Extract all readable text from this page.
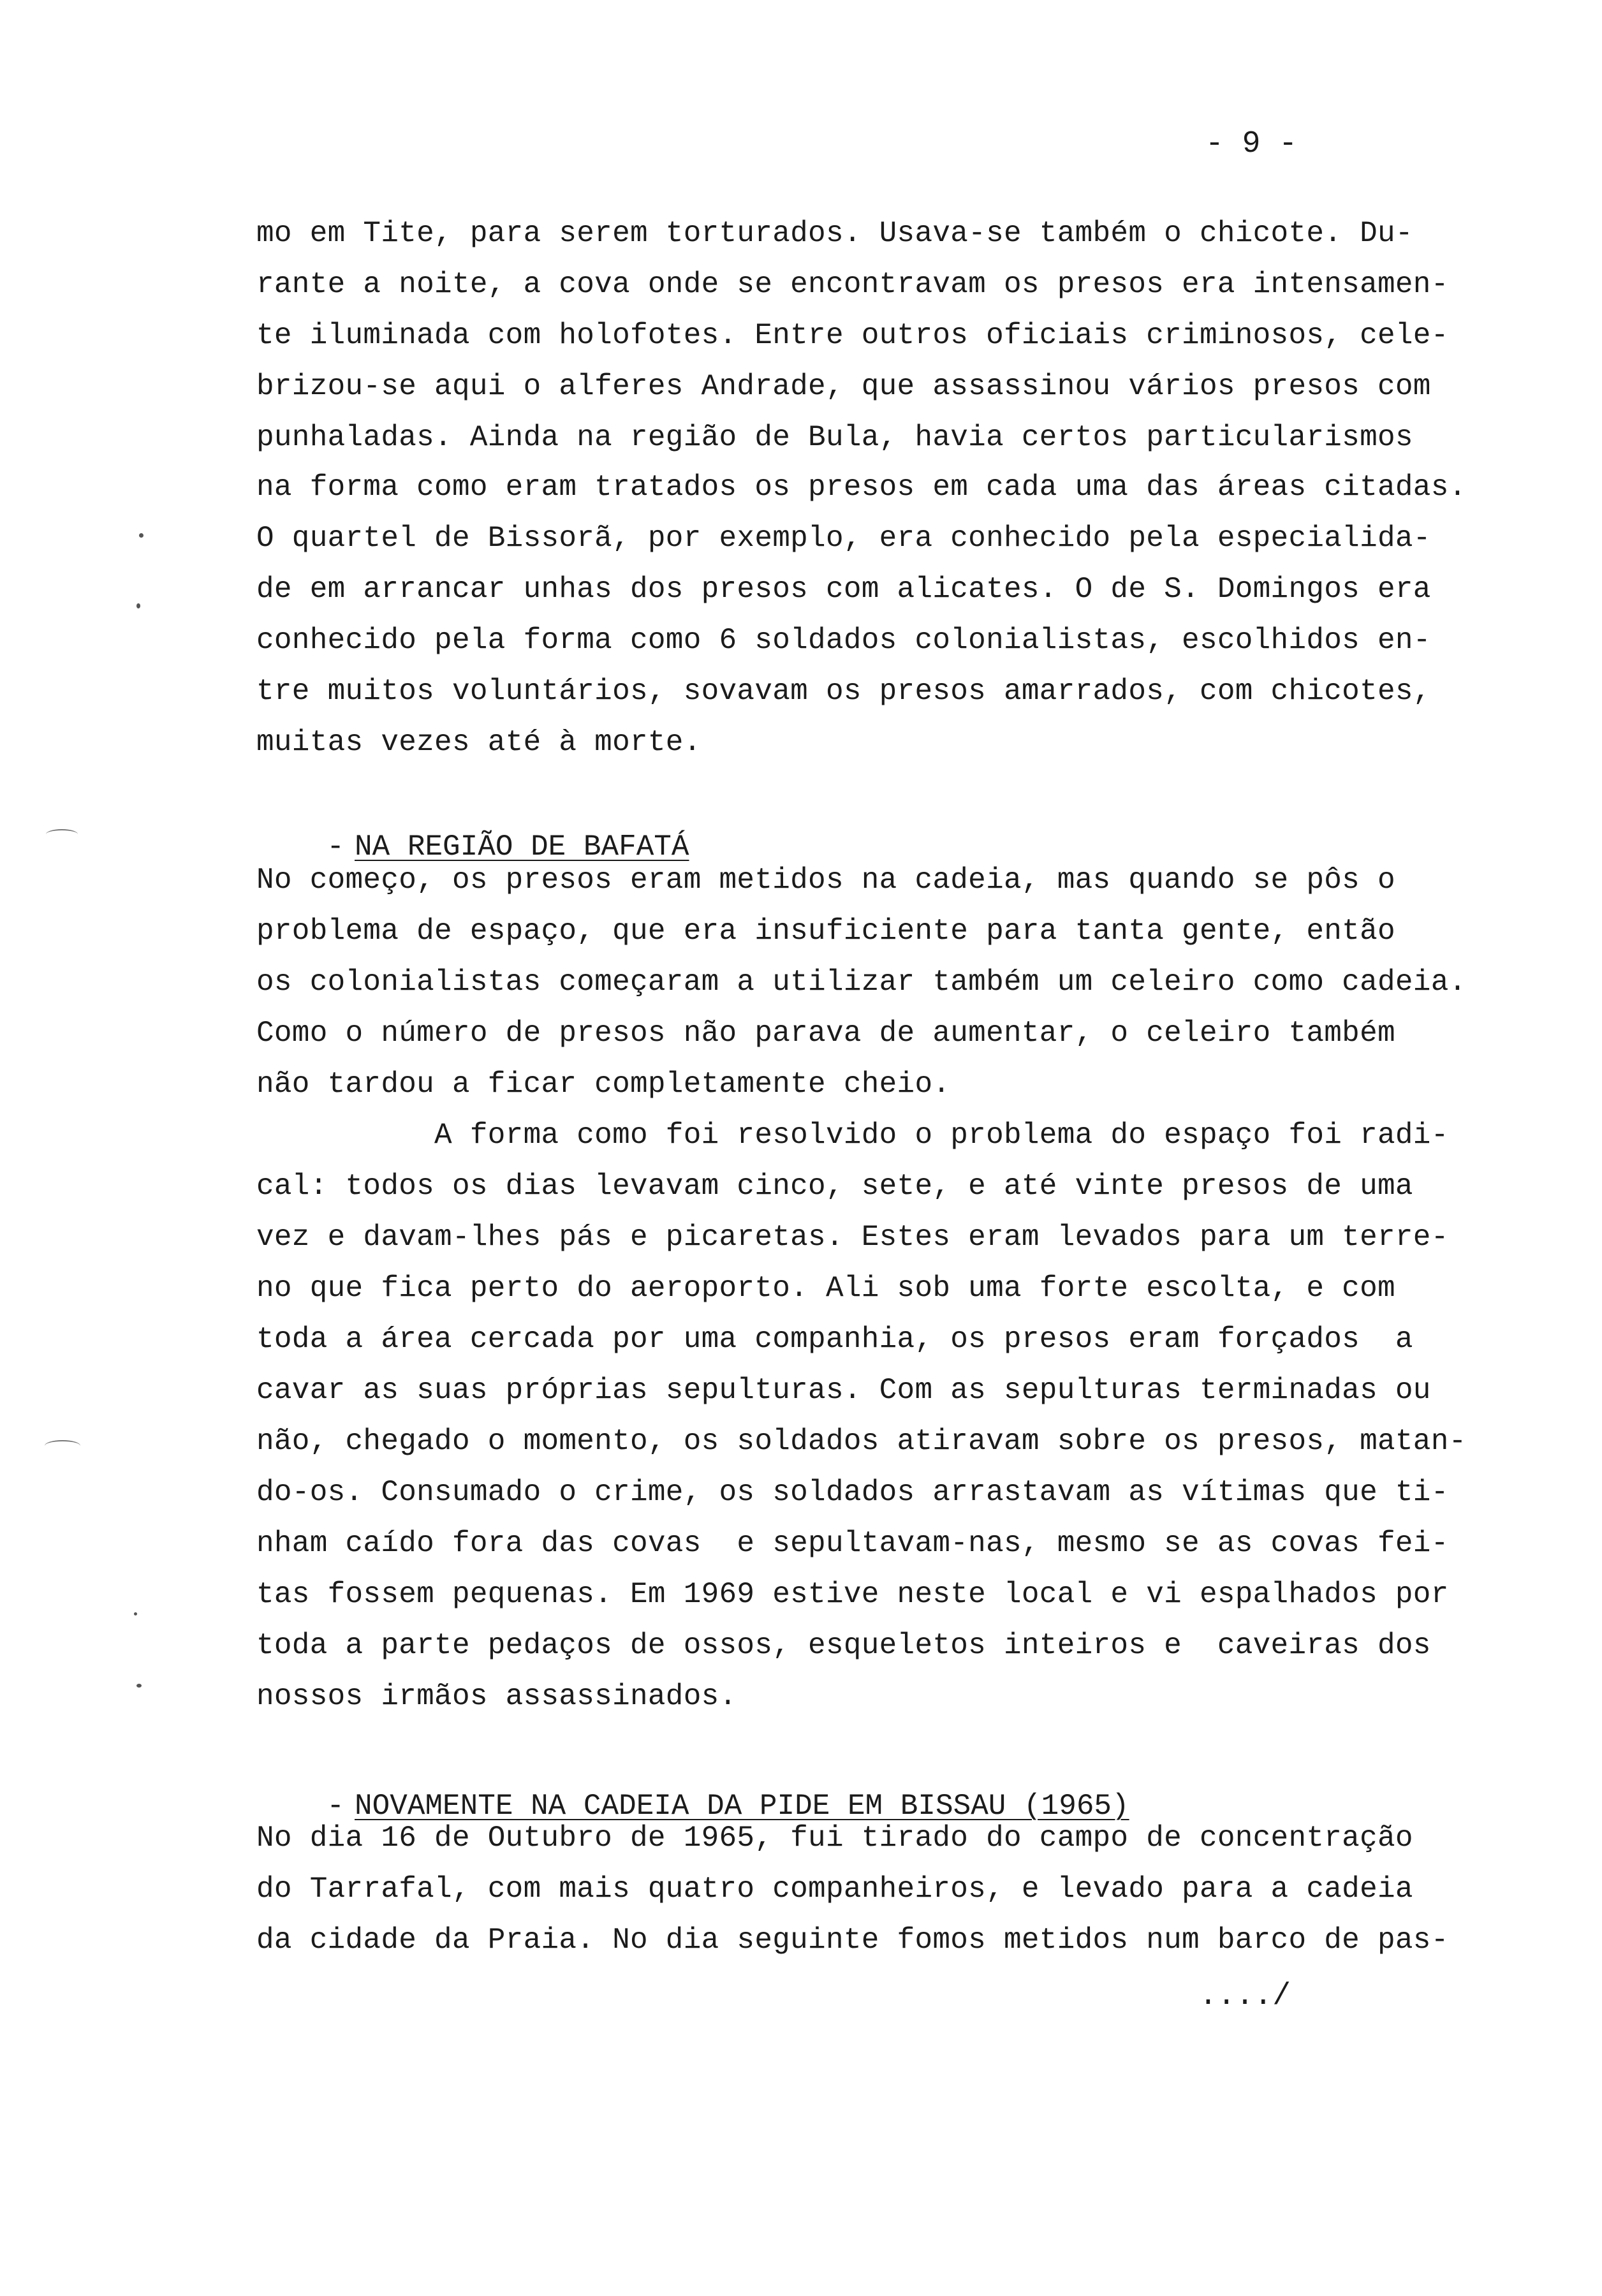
- 9 -
mo em Tite, para serem torturados. Usava-se também o chicote. Du-
rante a noite, a cova onde se encontravam os presos era intensamen-
te iluminada com holofotes. Entre outros oficiais criminosos, cele-
brizou-se aqui o alferes Andrade, que assassinou vários presos com
punhaladas. Ainda na região de Bula, havia certos particularismos
na forma como eram tratados os presos em cada uma das áreas citadas.
O quartel de Bissorã, por exemplo, era conhecido pela especialida-
de em arrancar unhas dos presos com alicates. O de S. Domingos era
conhecido pela forma como 6 soldados colonialistas, escolhidos en-
tre muitos voluntários, sovavam os presos amarrados, com chicotes,
muitas vezes até à morte.

- NA REGIÃO DE BAFATÁ

No começo, os presos eram metidos na cadeia, mas quando se pôs o
problema de espaço, que era insuficiente para tanta gente, então
os colonialistas começaram a utilizar também um celeiro como cadeia.
Como o número de presos não parava de aumentar, o celeiro também
não tardou a ficar completamente cheio.
A forma como foi resolvido o problema do espaço foi radi-
cal: todos os dias levavam cinco, sete, e até vinte presos de uma
vez e davam-lhes pás e picaretas. Estes eram levados para um terre-
no que fica perto do aeroporto. Ali sob uma forte escolta, e com
toda a área cercada por uma companhia, os presos eram forçados  a
cavar as suas próprias sepulturas. Com as sepulturas terminadas ou
não, chegado o momento, os soldados atiravam sobre os presos, matan-
do-os. Consumado o crime, os soldados arrastavam as vítimas que ti-
nham caído fora das covas  e sepultavam-nas, mesmo se as covas fei-
tas fossem pequenas. Em 1969 estive neste local e vi espalhados por
toda a parte pedaços de ossos, esqueletos inteiros e  caveiras dos
nossos irmãos assassinados.

- NOVAMENTE NA CADEIA DA PIDE EM BISSAU (1965)

No dia 16 de Outubro de 1965, fui tirado do campo de concentração
do Tarrafal, com mais quatro companheiros, e levado para a cadeia
da cidade da Praia. No dia seguinte fomos metidos num barco de pas-
..../
